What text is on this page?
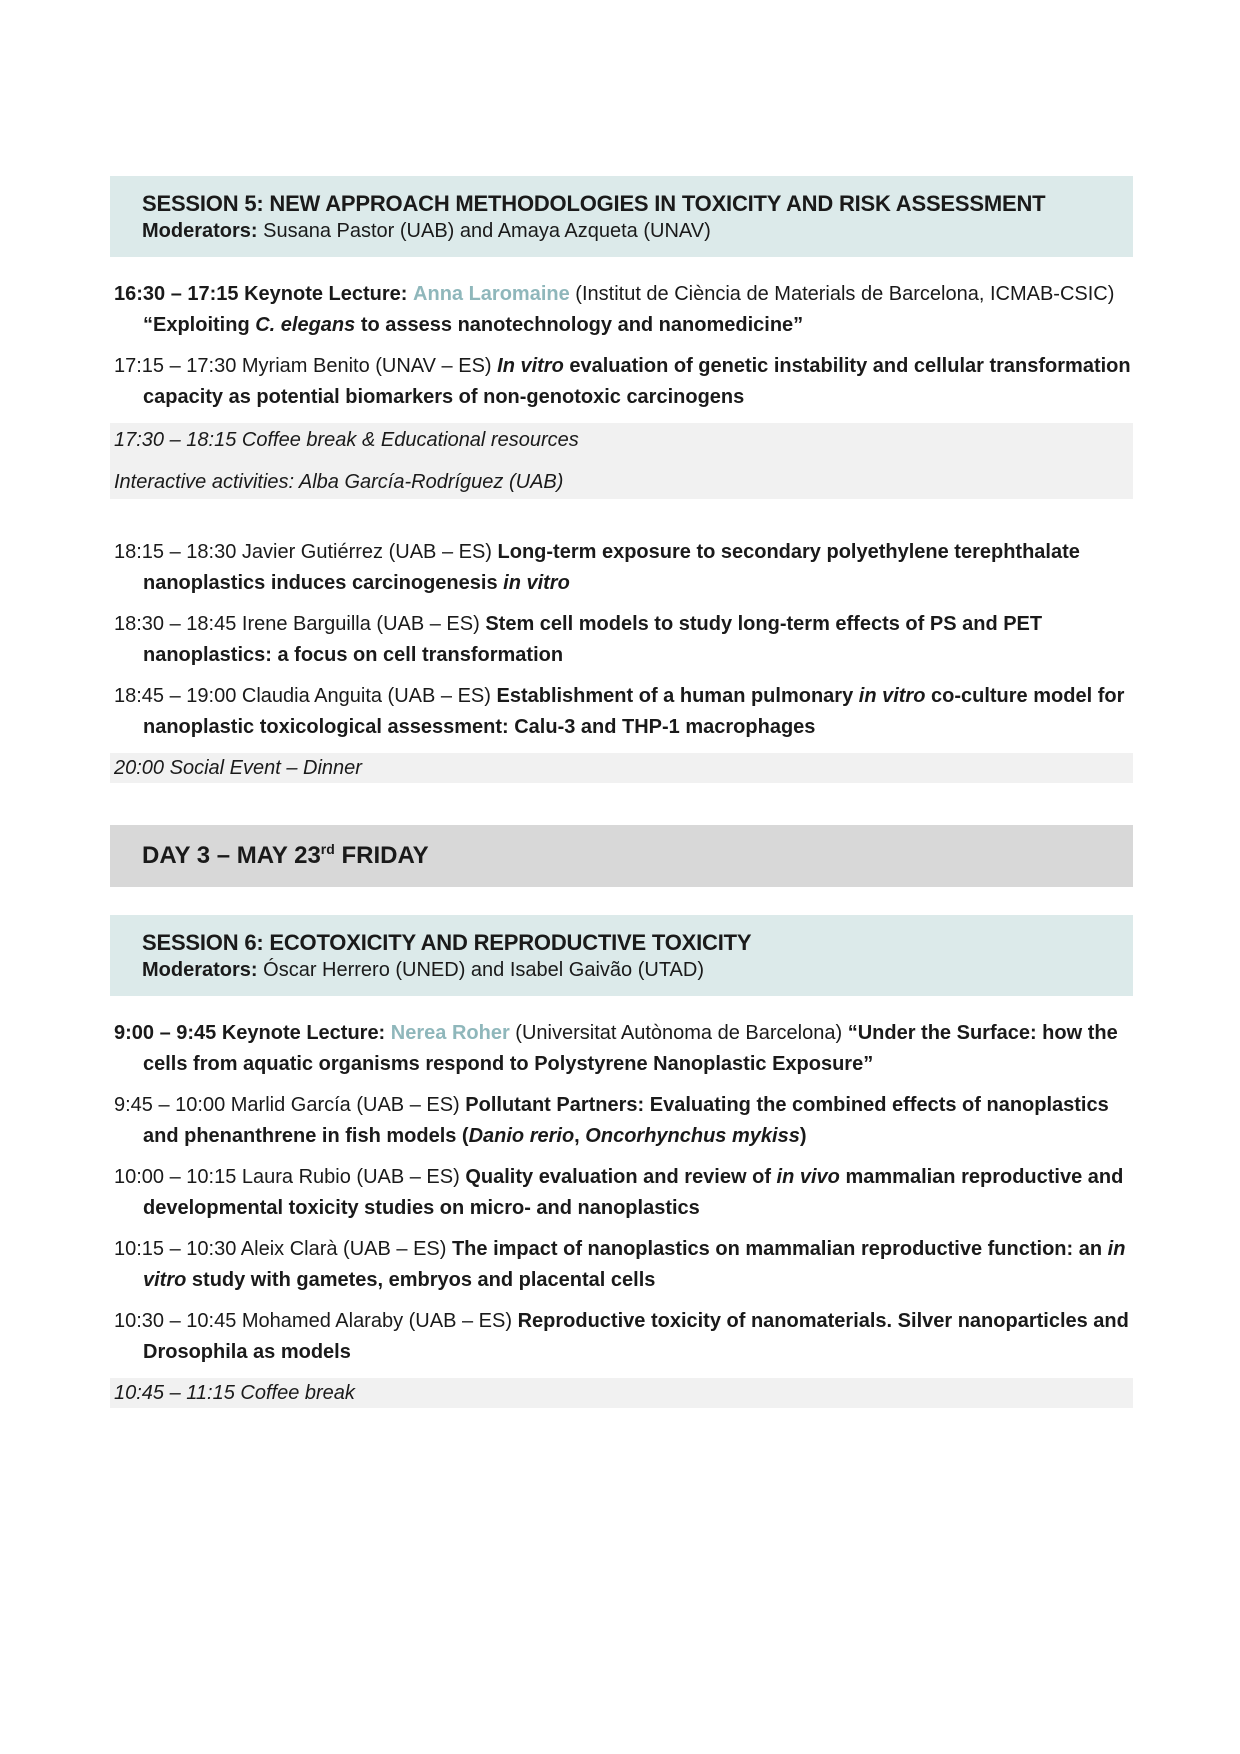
SESSION 5: NEW APPROACH METHODOLOGIES IN TOXICITY AND RISK ASSESSMENT
Moderators: Susana Pastor (UAB) and Amaya Azqueta (UNAV)

16:30 – 17:15 Keynote Lecture: Anna Laromaine (Institut de Ciència de Materials de Barcelona, ICMAB-CSIC) “Exploiting C. elegans to assess nanotechnology and nanomedicine”

17:15 – 17:30 Myriam Benito (UNAV – ES) In vitro evaluation of genetic instability and cellular transformation capacity as potential biomarkers of non-genotoxic carcinogens

17:30 – 18:15 Coffee break & Educational resources
Interactive activities: Alba García-Rodríguez (UAB)

18:15 – 18:30 Javier Gutiérrez (UAB – ES) Long-term exposure to secondary polyethylene terephthalate nanoplastics induces carcinogenesis in vitro

18:30 – 18:45 Irene Barguilla (UAB – ES) Stem cell models to study long-term effects of PS and PET nanoplastics: a focus on cell transformation

18:45 – 19:00 Claudia Anguita (UAB – ES) Establishment of a human pulmonary in vitro co-culture model for nanoplastic toxicological assessment: Calu-3 and THP-1 macrophages

20:00 Social Event – Dinner
DAY 3 – MAY 23rd FRIDAY
SESSION 6: ECOTOXICITY AND REPRODUCTIVE TOXICITY
Moderators: Óscar Herrero (UNED) and Isabel Gaivão (UTAD)

9:00 – 9:45 Keynote Lecture: Nerea Roher (Universitat Autònoma de Barcelona) “Under the Surface: how the cells from aquatic organisms respond to Polystyrene Nanoplastic Exposure”

9:45 – 10:00 Marlid García (UAB – ES) Pollutant Partners: Evaluating the combined effects of nanoplastics and phenanthrene in fish models (Danio rerio, Oncorhynchus mykiss)

10:00 – 10:15 Laura Rubio (UAB – ES) Quality evaluation and review of in vivo mammalian reproductive and developmental toxicity studies on micro- and nanoplastics

10:15 – 10:30 Aleix Clarà (UAB – ES) The impact of nanoplastics on mammalian reproductive function: an in vitro study with gametes, embryos and placental cells

10:30 – 10:45 Mohamed Alaraby (UAB – ES) Reproductive toxicity of nanomaterials. Silver nanoparticles and Drosophila as models

10:45 – 11:15 Coffee break
